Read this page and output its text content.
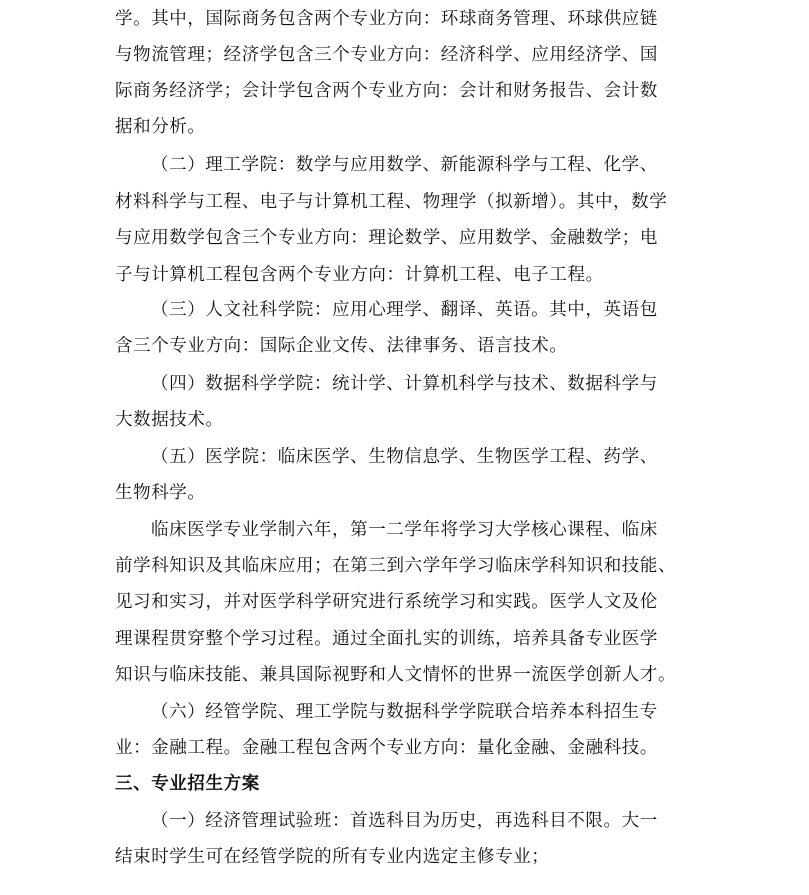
学。其中，国际商务包含两个专业方向：环球商务管理、环球供应链
与物流管理；经济学包含三个专业方向：经济科学、应用经济学、国
际商务经济学；会计学包含两个专业方向：会计和财务报告、会计数
据和分析。
（二）理工学院：数学与应用数学、新能源科学与工程、化学、
材料科学与工程、电子与计算机工程、物理学（拟新增）。其中，数学
与应用数学包含三个专业方向：理论数学、应用数学、金融数学；电
子与计算机工程包含两个专业方向：计算机工程、电子工程。
（三）人文社科学院：应用心理学、翻译、英语。其中，英语包
含三个专业方向：国际企业文传、法律事务、语言技术。
（四）数据科学学院：统计学、计算机科学与技术、数据科学与
大数据技术。
（五）医学院：临床医学、生物信息学、生物医学工程、药学、
生物科学。
临床医学专业学制六年，第一二学年将学习大学核心课程、临床
前学科知识及其临床应用；在第三到六学年学习临床学科知识和技能、
见习和实习，并对医学科学研究进行系统学习和实践。医学人文及伦
理课程贯穿整个学习过程。通过全面扎实的训练，培养具备专业医学
知识与临床技能、兼具国际视野和人文情怀的世界一流医学创新人才。
（六）经管学院、理工学院与数据科学学院联合培养本科招生专
业：金融工程。金融工程包含两个专业方向：量化金融、金融科技。
三、专业招生方案
（一）经济管理试验班：首选科目为历史，再选科目不限。大一
结束时学生可在经管学院的所有专业内选定主修专业；
